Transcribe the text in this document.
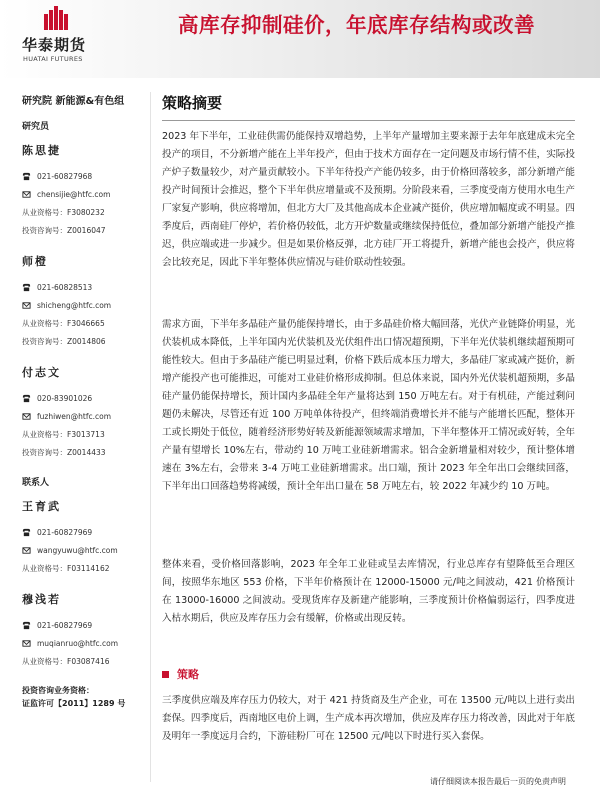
华泰期货
HUATAI FUTURES
高库存抑制硅价，年底库存结构或改善
研究院 新能源&有色组
研究员
陈思捷
021-60827968
chensijie@htfc.com
从业资格号：F3080232
投资咨询号：Z0016047
师橙
021-60828513
shicheng@htfc.com
从业资格号：F3046665
投资咨询号：Z0014806
付志文
020-83901026
fuzhiwen@htfc.com
从业资格号：F3013713
投资咨询号：Z0014433
联系人
王育武
021-60827969
wangyuwu@htfc.com
从业资格号：F03114162
穆浅若
021-60827969
muqianruo@htfc.com
从业资格号：F03087416
投资咨询业务资格：
证监许可【2011】1289 号
策略摘要

2023 年下半年，工业硅供需仍能保持双增趋势，上半年产量增加主要来源于去年年底建成未完全投产的项目，不分新增产能在上半年投产，但由于技术方面存在一定问题及市场行情不佳，实际投产炉子数量较少，对产量贡献较小。下半年待投产产能仍较多，由于价格回落较多，部分新增产能投产时间预计会推迟，整个下半年供应增量或不及预期。分阶段来看，三季度受南方使用水电生产厂家复产影响，供应将增加，但北方大厂及其他高成本企业减产挺价，供应增加幅度或不明显。四季度后，西南硅厂停炉，若价格仍较低，北方开炉数量或继续保持低位，叠加部分新增产能投产推迟，供应端或进一步减少。但是如果价格反弹，北方硅厂开工将提升，新增产能也会投产，供应将会比较充足，因此下半年整体供应情况与硅价联动性较强。

需求方面，下半年多晶硅产量仍能保持增长，由于多晶硅价格大幅回落，光伏产业链降价明显，光伏装机成本降低，上半年国内光伏装机及光伏组件出口情况超预期，下半年光伏装机继续超预期可能性较大。但由于多晶硅产能已明显过剩，价格下跌后成本压力增大，多晶硅厂家或减产挺价，新增产能投产也可能推迟，可能对工业硅价格形成抑制。但总体来说，国内外光伏装机超预期，多晶硅产量仍能保持增长，预计国内多晶硅全年产量将达到 150 万吨左右。对于有机硅，产能过剩问题仍未解决，尽管还有近 100 万吨单体待投产，但终端消费增长并不能与产能增长匹配，整体开工或长期处于低位，随着经济形势好转及新能源领域需求增加，下半年整体开工情况或好转，全年产量有望增长 10%左右，带动约 10 万吨工业硅新增需求。铝合金新增量相对较少，预计整体增速在 3%左右，会带来 3-4 万吨工业硅新增需求。出口端，预计 2023 年全年出口会继续回落，下半年出口回落趋势将减缓，预计全年出口量在 58 万吨左右，较 2022 年减少约 10 万吨。

整体来看，受价格回落影响，2023 年全年工业硅或呈去库情况，行业总库存有望降低至合理区间，按照华东地区 553 价格，下半年价格预计在 12000-15000 元/吨之间波动，421 价格预计在 13000-16000 之间波动。受现货库存及新建产能影响，三季度预计价格偏弱运行，四季度进入枯水期后，供应及库存压力会有缓解，价格或出现反转。

策略

三季度供应端及库存压力仍较大，对于 421 持货商及生产企业，可在 13500 元/吨以上进行卖出套保。四季度后，西南地区电价上调，生产成本再次增加，供应及库存压力将改善，因此对于年底及明年一季度远月合约，下游硅粉厂可在 12500 元/吨以下时进行买入套保。

请仔细阅读本报告最后一页的免责声明
